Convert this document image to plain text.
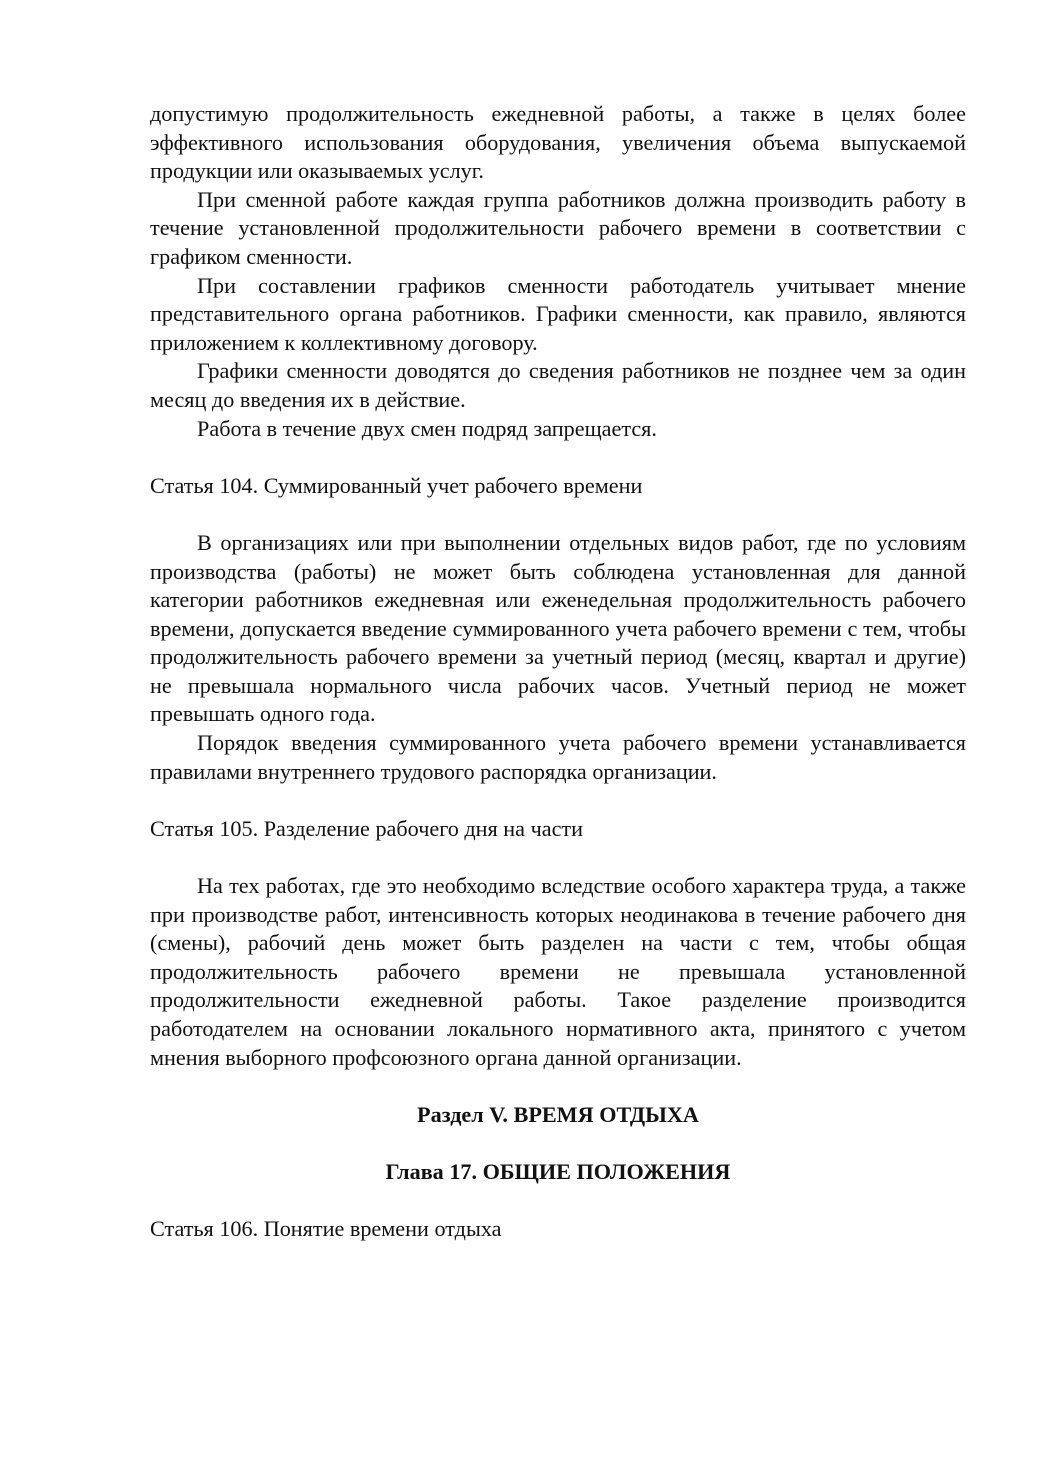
допустимую продолжительность ежедневной работы, а также в целях более эффективного использования оборудования, увеличения объема выпускаемой продукции или оказываемых услуг.

При сменной работе каждая группа работников должна производить работу в течение установленной продолжительности рабочего времени в соответствии с графиком сменности.

При составлении графиков сменности работодатель учитывает мнение представительного органа работников. Графики сменности, как правило, являются приложением к коллективному договору.

Графики сменности доводятся до сведения работников не позднее чем за один месяц до введения их в действие.

Работа в течение двух смен подряд запрещается.

Статья 104. Суммированный учет рабочего времени

В организациях или при выполнении отдельных видов работ, где по условиям производства (работы) не может быть соблюдена установленная для данной категории работников ежедневная или еженедельная продолжительность рабочего времени, допускается введение суммированного учета рабочего времени с тем, чтобы продолжительность рабочего времени за учетный период (месяц, квартал и другие) не превышала нормального числа рабочих часов. Учетный период не может превышать одного года.

Порядок введения суммированного учета рабочего времени устанавливается правилами внутреннего трудового распорядка организации.

Статья 105. Разделение рабочего дня на части

На тех работах, где это необходимо вследствие особого характера труда, а также при производстве работ, интенсивность которых неодинакова в течение рабочего дня (смены), рабочий день может быть разделен на части с тем, чтобы общая продолжительность рабочего времени не превышала установленной продолжительности ежедневной работы. Такое разделение производится работодателем на основании локального нормативного акта, принятого с учетом мнения выборного профсоюзного органа данной организации.

Раздел V. ВРЕМЯ ОТДЫХА

Глава 17. ОБЩИЕ ПОЛОЖЕНИЯ

Статья 106. Понятие времени отдыха
